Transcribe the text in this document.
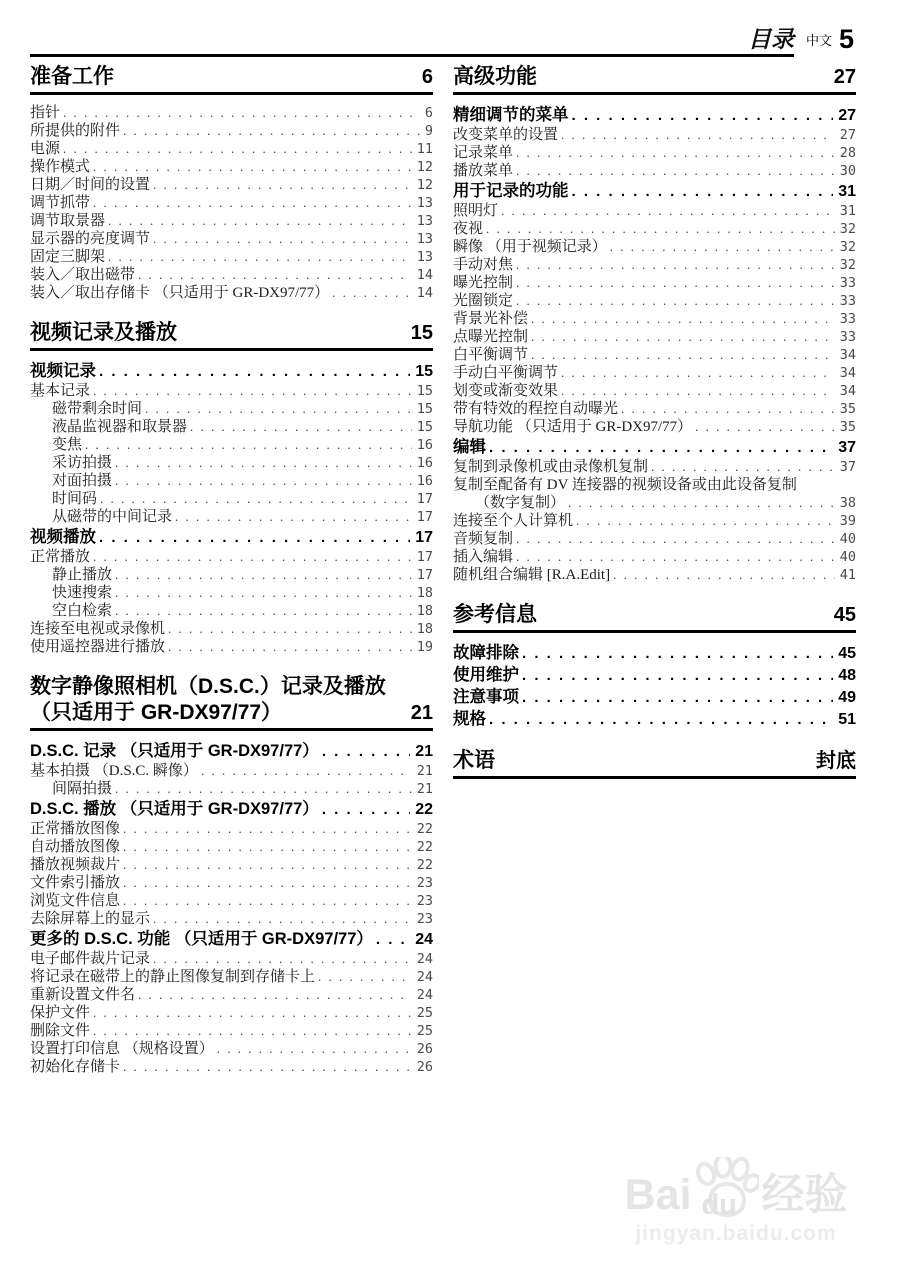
目录 中文 5
准备工作	6
指针 . . .	6
所提供的附件 . . .	9
电源 . . .	11
操作模式 . . .	12
日期／时间的设置 . . .	12
调节抓带 . . .	13
调节取景器 . . .	13
显示器的亮度调节 . . .	13
固定三脚架 . . .	13
装入／取出磁带 . . .	14
装入／取出存储卡 （只适用于 GR-DX97/77） . . .	14
视频记录及播放	15
视频记录 . . .	15
基本记录 . . .	15
磁带剩余时间 . . .	15
液晶监视器和取景器 . . .	15
变焦 . . .	16
采访拍摄 . . .	16
对面拍摄 . . .	16
时间码 . . .	17
从磁带的中间记录 . . .	17
视频播放 . . .	17
正常播放 . . .	17
静止播放 . . .	17
快速搜索 . . .	18
空白检索 . . .	18
连接至电视或录像机 . . .	18
使用遥控器进行播放 . . .	19
数字静像照相机（D.S.C.）记录及播放
（只适用于 GR-DX97/77）	21
D.S.C. 记录 （只适用于 GR-DX97/77） . . .	21
基本拍摄 （D.S.C. 瞬像） . . .	21
间隔拍摄 . . .	21
D.S.C. 播放 （只适用于 GR-DX97/77） . . .	22
正常播放图像 . . .	22
自动播放图像 . . .	22
播放视频裁片 . . .	22
文件索引播放 . . .	23
浏览文件信息 . . .	23
去除屏幕上的显示 . . .	23
更多的 D.S.C. 功能 （只适用于 GR-DX97/77） . . .	24
电子邮件裁片记录 . . .	24
将记录在磁带上的静止图像复制到存储卡上 . . .	24
重新设置文件名 . . .	24
保护文件 . . .	25
删除文件 . . .	25
设置打印信息 （规格设置） . . .	26
初始化存储卡 . . .	26
高级功能	27
精细调节的菜单 . . .	27
改变菜单的设置 . . .	27
记录菜单 . . .	28
播放菜单 . . .	30
用于记录的功能 . . .	31
照明灯 . . .	31
夜视 . . .	32
瞬像 （用于视频记录） . . .	32
手动对焦 . . .	32
曝光控制 . . .	33
光圈锁定 . . .	33
背景光补偿 . . .	33
点曝光控制 . . .	33
白平衡调节 . . .	34
手动白平衡调节 . . .	34
划变或渐变效果 . . .	34
带有特效的程控自动曝光 . . .	35
导航功能 （只适用于 GR-DX97/77） . . .	35
编辑 . . .	37
复制到录像机或由录像机复制 . . .	37
复制至配备有 DV 连接器的视频设备或由此设备复制
（数字复制） . . .	38
连接至个人计算机 . . .	39
音频复制 . . .	40
插入编辑 . . .	40
随机组合编辑 [R.A.Edit] . . .	41
参考信息	45
故障排除 . . .	45
使用维护 . . .	48
注意事项 . . .	49
规格 . . .	51
术语	封底
Bai du 经验
jingyan.baidu.com
